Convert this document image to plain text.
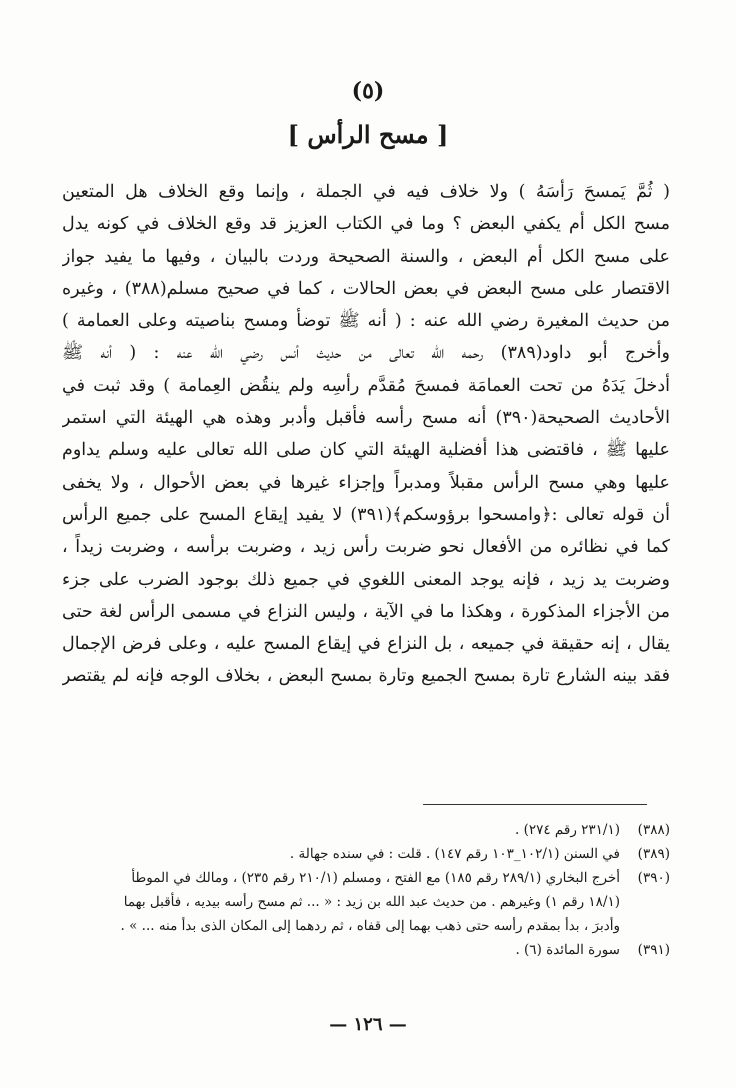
(٥)
[ مسح الرأس ]
( ثُمَّ يَمسحَ رَأسَهُ ) ولا خلاف فيه في الجملة ، وإنما وقع الخلاف هل المتعين
مسح الكل أم يكفي البعض ؟ وما في الكتاب العزيز قد وقع الخلاف في كونه يدل
على مسح الكل أم البعض ، والسنة الصحيحة وردت بالبيان ، وفيها ما يفيد جواز
الاقتصار على مسح البعض في بعض الحالات ، كما في صحيح مسلم(٣٨٨) ، وغيره
من حديث المغيرة رضي الله عنه : ( أنه ﷺ توضأ ومسح بناصيته وعلى العمامة )
وأخرج أبو داود(٣٨٩) رحمه الله تعالى من حديث أنس رضي الله عنه : ( أنه ﷺ
أدخلَ يَدَهُ من تحت العمامَة فمسحَ مُقدَّم رأسِه ولم ينقُض العِمامة ) وقد ثبت في
الأحاديث الصحيحة(٣٩٠) أنه مسح رأسه فأقبل وأدبر وهذه هي الهيئة التي استمر
عليها ﷺ ، فاقتضى هذا أفضلية الهيئة التي كان صلى الله تعالى عليه وسلم يداوم
عليها وهي مسح الرأس مقبلاً ومدبراً وإجزاء غيرها في بعض الأحوال ، ولا يخفى
أن قوله تعالى :﴿وامسحوا برؤوسكم﴾(٣٩١) لا يفيد إيقاع المسح على جميع الرأس
كما في نظائره من الأفعال نحو ضربت رأس زيد ، وضربت برأسه ، وضربت زيداً ،
وضربت يد زيد ، فإنه يوجد المعنى اللغوي في جميع ذلك بوجود الضرب على جزء
من الأجزاء المذكورة ، وهكذا ما في الآية ، وليس النزاع في مسمى الرأس لغة حتى
يقال ، إنه حقيقة في جميعه ، بل النزاع في إيقاع المسح عليه ، وعلى فرض الإجمال
فقد بينه الشارع تارة بمسح الجميع وتارة بمسح البعض ، بخلاف الوجه فإنه لم يقتصر
(٣٨٨)
(٢٣١/١ رقم ٢٧٤) .
(٣٨٩)
في السنن (١٠٢/١_١٠٣ رقم ١٤٧) . قلت : في سنده جهالة .
(٣٩٠)
أخرج البخاري (٢٨٩/١ رقم ١٨٥) مع الفتح ، ومسلم (٢١٠/١ رقم ٢٣٥) ، ومالك في الموطأ
(١٨/١ رقم ١) وغيرهم . من حديث عبد الله بن زيد : « ... ثم مسح رأسه بيديه ، فأقبل بهما
وأدبرَ ، بدأ بمقدم رأسه حتى ذهب بهما إلى قفاه ، ثم ردهما إلى المكان الذى بدأ منه ... » .
(٣٩١)
سورة المائدة (٦) .
— ١٢٦ —
